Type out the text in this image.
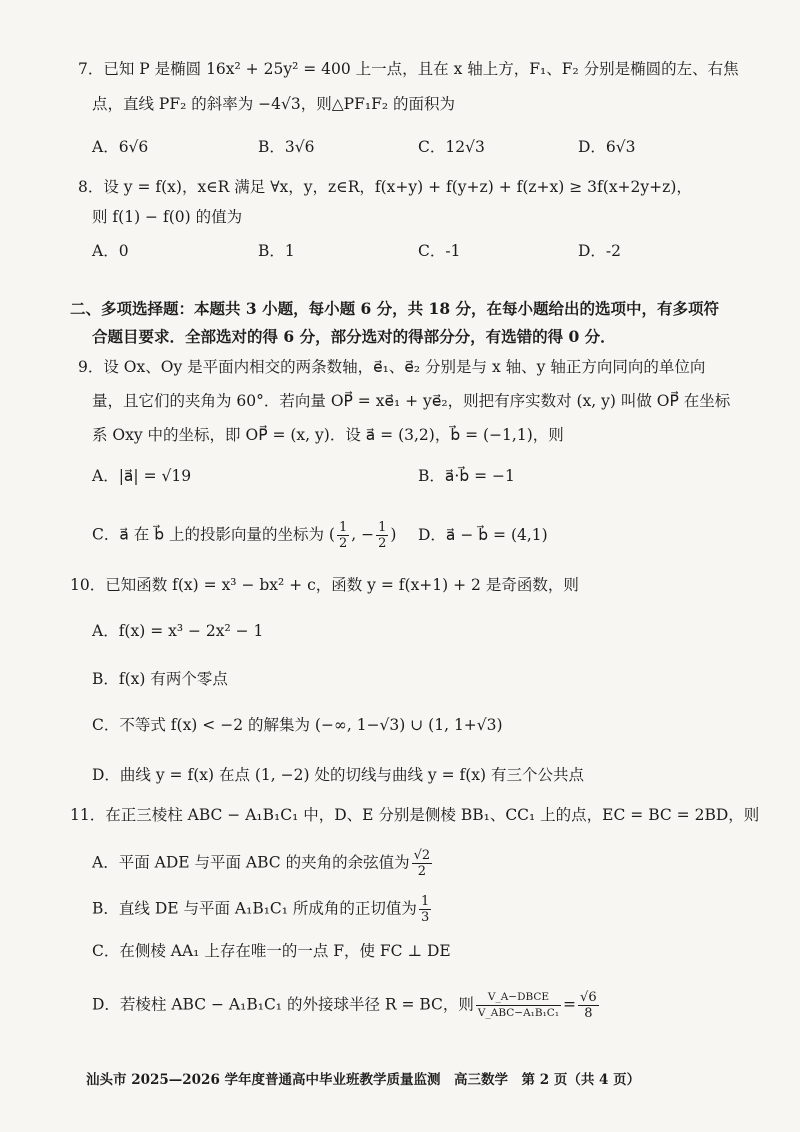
7．已知 P 是椭圆 16x² + 25y² = 400 上一点，且在 x 轴上方，F₁、F₂ 分别是椭圆的左、右焦
点，直线 PF₂ 的斜率为 −4√3，则△PF₁F₂ 的面积为
A．6√6	B．3√6	C．12√3	D．6√3
8．设 y = f(x)，x∈R 满足 ∀x，y，z∈R，f(x+y) + f(y+z) + f(z+x) ≥ 3f(x+2y+z)，
则 f(1) − f(0) 的值为
A．0	B．1	C．-1	D．-2
二、多项选择题：本题共 3 小题，每小题 6 分，共 18 分，在每小题给出的选项中，有多项符
合题目要求．全部选对的得 6 分，部分选对的得部分分，有选错的得 0 分．
9．设 Ox、Oy 是平面内相交的两条数轴，e⃗₁、e⃗₂ 分别是与 x 轴、y 轴正方向同向的单位向
量，且它们的夹角为 60°．若向量 OP⃗ = xe⃗₁ + ye⃗₂，则把有序实数对 (x, y) 叫做 OP⃗ 在坐标
系 Oxy 中的坐标，即 OP⃗ = (x, y)．设 a⃗ = (3,2)，b⃗ = (−1,1)，则
A．|a⃗| = √19	B．a⃗·b⃗ = −1
C．a⃗ 在 b⃗ 上的投影向量的坐标为 ( $\frac{1}{2}$ , − $\frac{1}{2}$ ) D．a⃗ − b⃗ = (4,1)
10．已知函数 f(x) = x³ − bx² + c，函数 y = f(x+1) + 2 是奇函数，则
A．f(x) = x³ − 2x² − 1
B．f(x) 有两个零点
C．不等式 f(x) < −2 的解集为 (−∞, 1−√3) ∪ (1, 1+√3)
D．曲线 y = f(x) 在点 (1, −2) 处的切线与曲线 y = f(x) 有三个公共点
11．在正三棱柱 ABC − A₁B₁C₁ 中，D、E 分别是侧棱 BB₁、CC₁ 上的点，EC = BC = 2BD，则
A．平面 ADE 与平面 ABC 的夹角的余弦值为 $\frac{√2}{2}$
B．直线 DE 与平面 A₁B₁C₁ 所成角的正切值为 $\frac{1}{3}$
C．在侧棱 AA₁ 上存在唯一的一点 F，使 FC ⊥ DE
D．若棱柱 ABC − A₁B₁C₁ 的外接球半径 R = BC，则 $\frac{\text{V\_A−DBCE}}{\text{V\_ABC−A₁B₁C₁}} = \frac{√6}{8}$
汕头市 2025—2026 学年度普通高中毕业班教学质量监测　高三数学　第 2 页（共 4 页）
